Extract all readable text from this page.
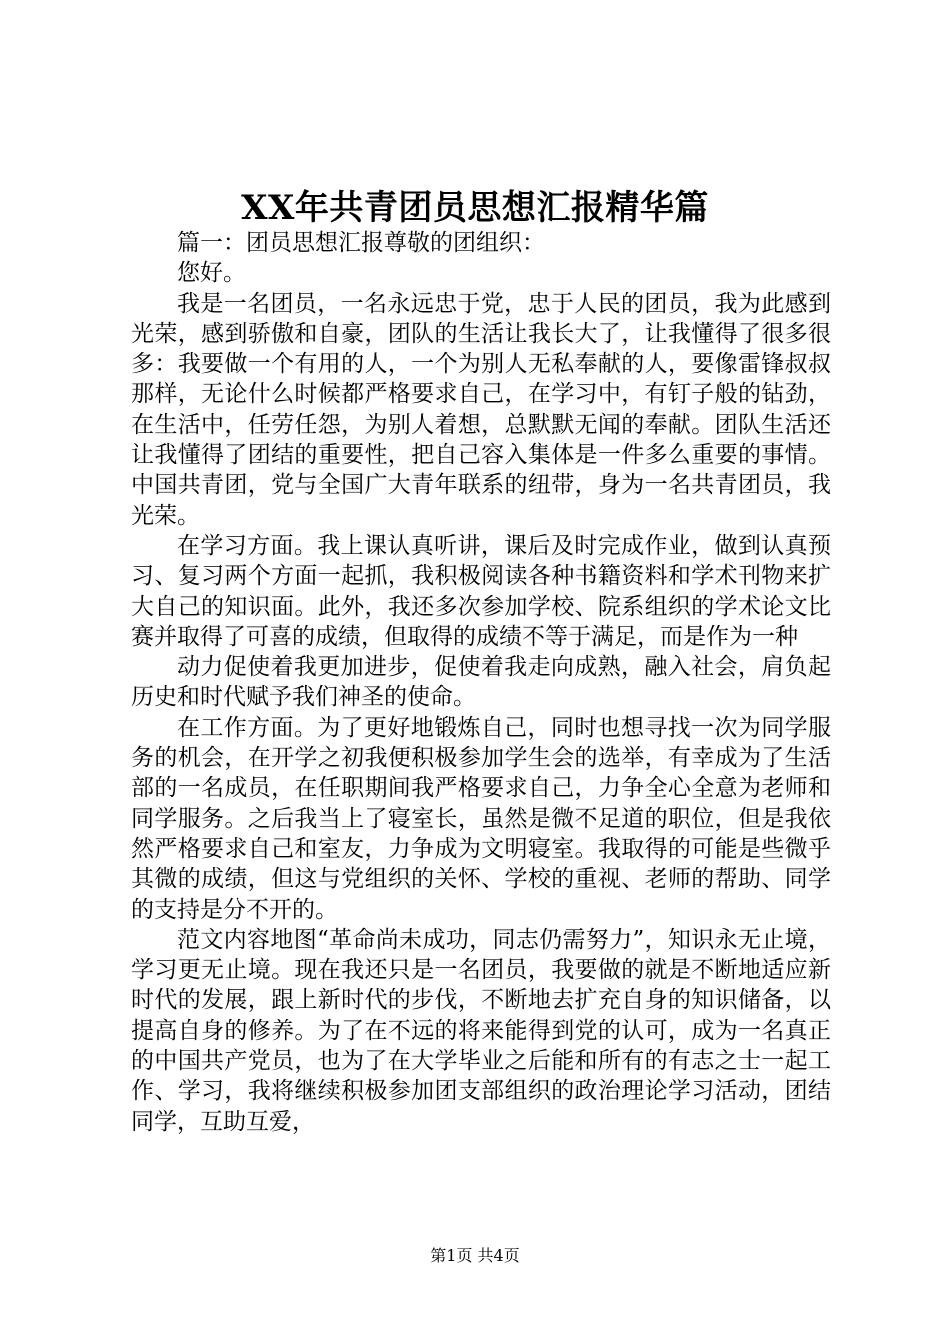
XX年共青团员思想汇报精华篇

篇一：团员思想汇报尊敬的团组织：

您好。

我是一名团员，一名永远忠于党，忠于人民的团员，我为此感到光荣，感到骄傲和自豪，团队的生活让我长大了，让我懂得了很多很多：我要做一个有用的人，一个为别人无私奉献的人，要像雷锋叔叔那样，无论什么时候都严格要求自己，在学习中，有钉子般的钻劲，在生活中，任劳任怨，为别人着想，总默默无闻的奉献。团队生活还让我懂得了团结的重要性，把自己容入集体是一件多么重要的事情。中国共青团，党与全国广大青年联系的纽带，身为一名共青团员，我光荣。

在学习方面。我上课认真听讲，课后及时完成作业，做到认真预习、复习两个方面一起抓，我积极阅读各种书籍资料和学术刊物来扩大自己的知识面。此外，我还多次参加学校、院系组织的学术论文比赛并取得了可喜的成绩，但取得的成绩不等于满足，而是作为一种

动力促使着我更加进步，促使着我走向成熟，融入社会，肩负起历史和时代赋予我们神圣的使命。

在工作方面。为了更好地锻炼自己，同时也想寻找一次为同学服务的机会，在开学之初我便积极参加学生会的选举，有幸成为了生活部的一名成员，在任职期间我严格要求自己，力争全心全意为老师和同学服务。之后我当上了寝室长，虽然是微不足道的职位，但是我依然严格要求自己和室友，力争成为文明寝室。我取得的可能是些微乎其微的成绩，但这与党组织的关怀、学校的重视、老师的帮助、同学的支持是分不开的。

范文内容地图“革命尚未成功，同志仍需努力”，知识永无止境，学习更无止境。现在我还只是一名团员，我要做的就是不断地适应新时代的发展，跟上新时代的步伐，不断地去扩充自身的知识储备，以提高自身的修养。为了在不远的将来能得到党的认可，成为一名真正的中国共产党员，也为了在大学毕业之后能和所有的有志之士一起工作、学习，我将继续积极参加团支部组织的政治理论学习活动，团结同学，互助互爱，

第1页 共4页
